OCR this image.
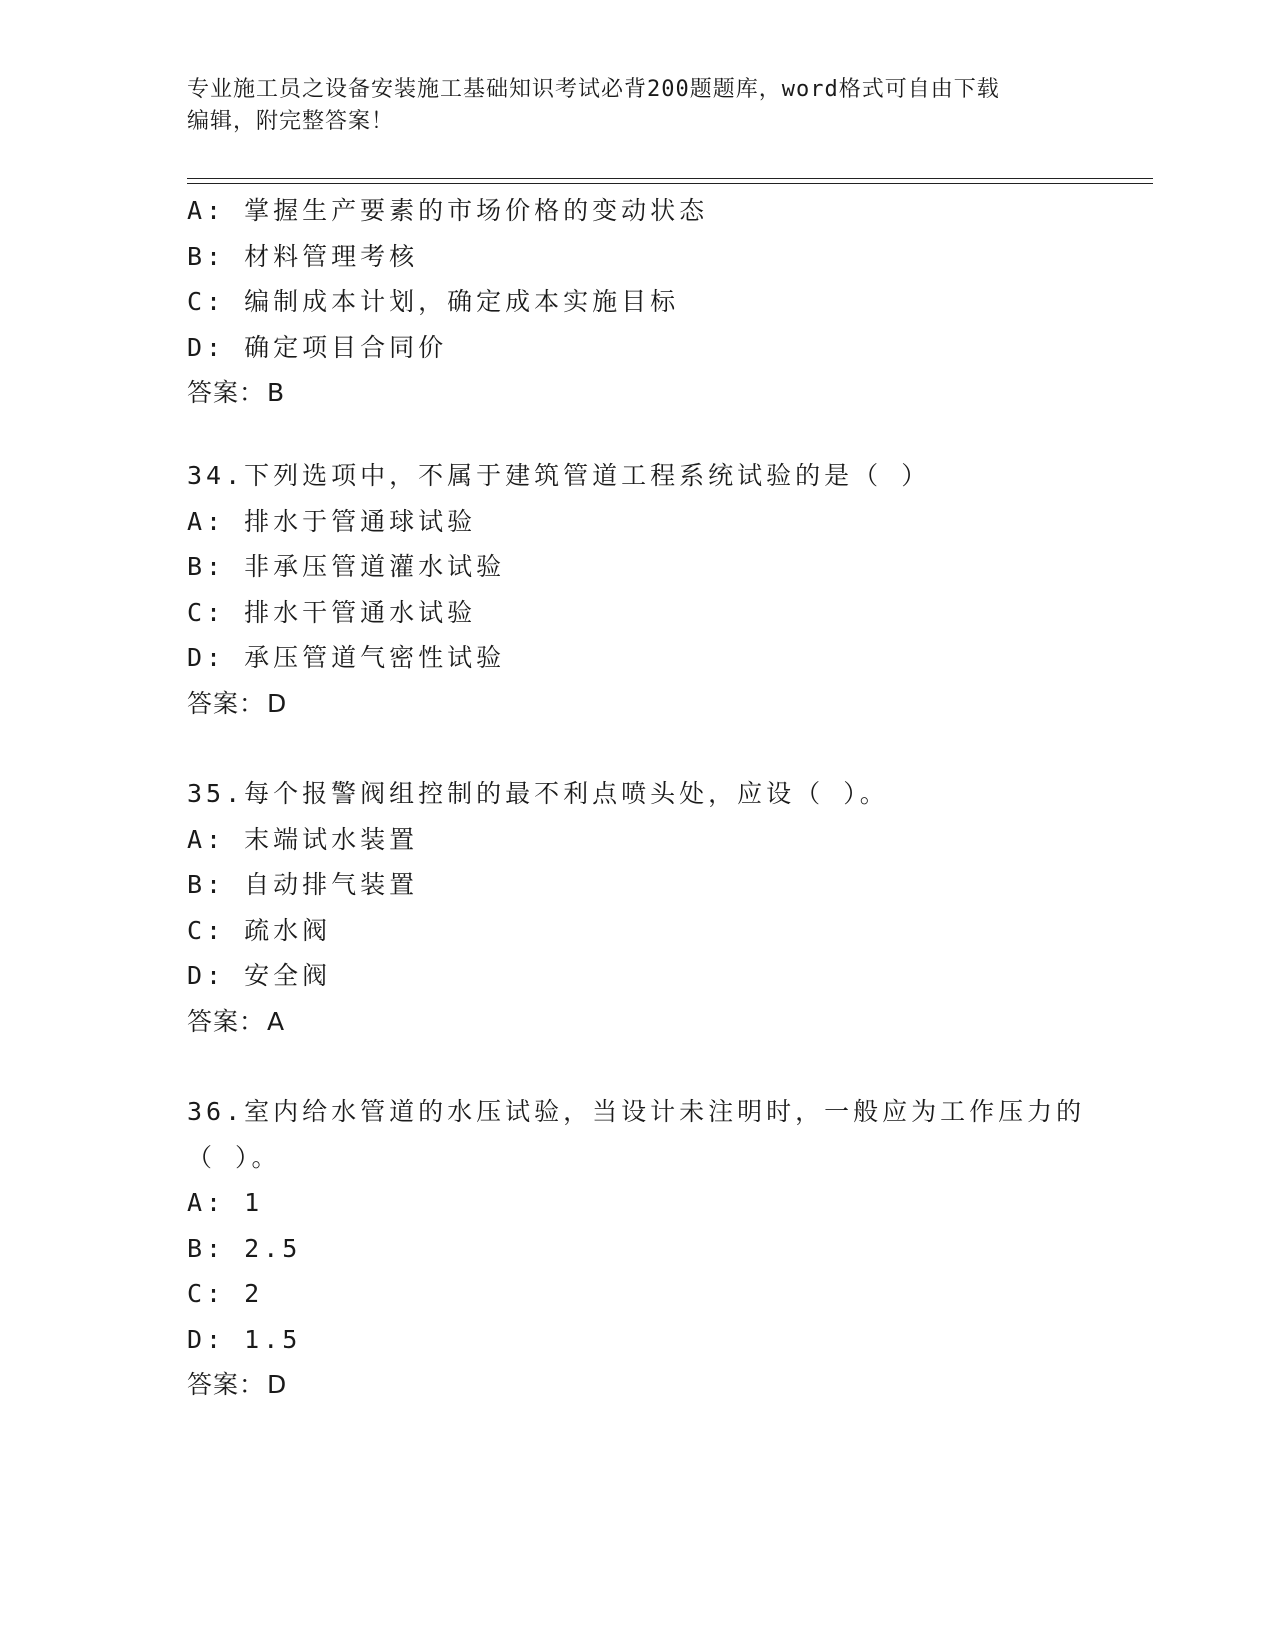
专业施工员之设备安装施工基础知识考试必背200题题库，word格式可自由下载
编辑，附完整答案！
A: 掌握生产要素的市场价格的变动状态
B: 材料管理考核
C: 编制成本计划，确定成本实施目标
D: 确定项目合同价
答案：B
34.下列选项中，不属于建筑管道工程系统试验的是（ ）
A: 排水于管通球试验
B: 非承压管道灌水试验
C: 排水干管通水试验
D: 承压管道气密性试验
答案：D
35.每个报警阀组控制的最不利点喷头处，应设（ ）。
A: 末端试水装置
B: 自动排气装置
C: 疏水阀
D: 安全阀
答案：A
36.室内给水管道的水压试验，当设计未注明时，一般应为工作压力的
（ ）。
A: 1
B: 2.5
C: 2
D: 1.5
答案：D
